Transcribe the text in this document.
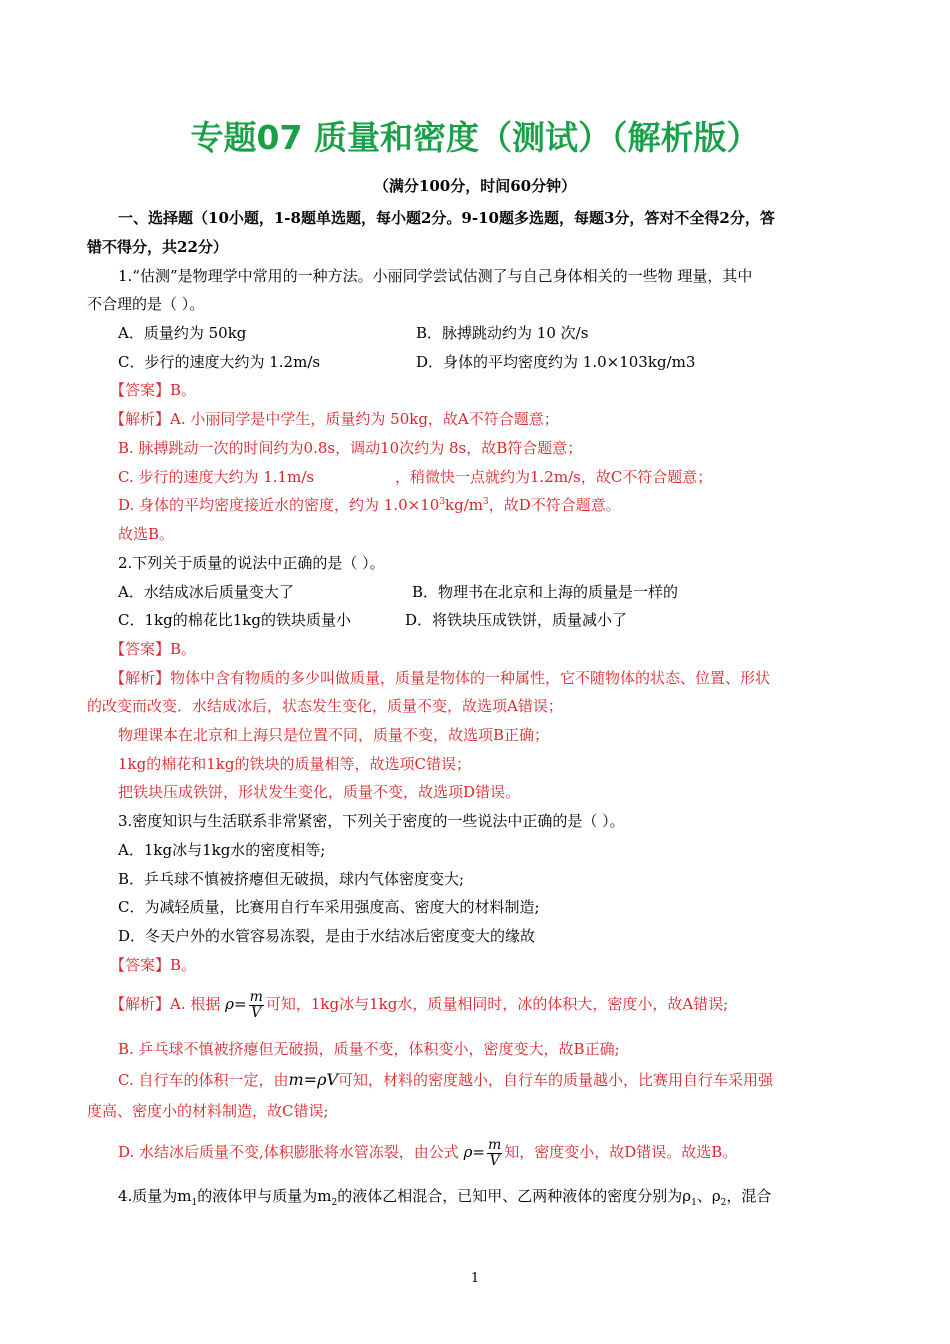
专题07 质量和密度（测试）（解析版）
（满分100分，时间60分钟）
一、选择题（10小题，1-8题单选题，每小题2分。9-10题多选题，每题3分，答对不全得2分，答
错不得分，共22分）
1.“估测”是物理学中常用的一种方法。小丽同学尝试估测了与自己身体相关的一些物 理量，其中
不合理的是（ ）。
A．质量约为 50kg	B．脉搏跳动约为 10 次/s
C．步行的速度大约为 1.2m/s	D．身体的平均密度约为 1.0×103kg/m3
【答案】B。
【解析】A. 小丽同学是中学生，质量约为 50kg，故A不符合题意；
B. 脉搏跳动一次的时间约为0.8s，调动10次约为 8s，故B符合题意；
C. 步行的速度大约为 1.1m/s	，稍微快一点就约为1.2m/s，故C不符合题意；
D. 身体的平均密度接近水的密度，约为 $1.0\times 10^3kg/m^3$，故D不符合题意。
故选B。
2.下列关于质量的说法中正确的是（ ）。
A．水结成冰后质量变大了	B．物理书在北京和上海的质量是一样的
C．1kg的棉花比1kg的铁块质量小	D．将铁块压成铁饼，质量减小了
【答案】B。
【解析】物体中含有物质的多少叫做质量，质量是物体的一种属性，它不随物体的状态、位置、形状
的改变而改变．水结成冰后，状态发生变化，质量不变，故选项A错误；
物理课本在北京和上海只是位置不同，质量不变，故选项B正确；
1kg的棉花和1kg的铁块的质量相等，故选项C错误；
把铁块压成铁饼，形状发生变化，质量不变，故选项D错误。
3.密度知识与生活联系非常紧密，下列关于密度的一些说法中正确的是（ ）。
A．1kg冰与1kg水的密度相等;
B．乒乓球不慎被挤瘪但无破损，球内气体密度变大;
C．为减轻质量，比赛用自行车采用强度高、密度大的材料制造;
D．冬天户外的水管容易冻裂，是由于水结冰后密度变大的缘故
【答案】B。
【解析】A. 根据 $\rho= \frac{m}{V}$ 可知，1kg冰与1kg水，质量相同时，冰的体积大，密度小，故A错误;
B. 乒乓球不慎被挤瘪但无破损，质量不变，体积变小，密度变大，故B正确;
C. 自行车的体积一定，由m=ρV可知，材料的密度越小，自行车的质量越小，比赛用自行车采用强
度高、密度小的材料制造，故C错误;
D. 水结冰后质量不变,体积膨胀将水管冻裂，由公式 $\rho= \frac{m}{V}$ 知，密度变小，故D错误。故选B。
4.质量为$m_1$的液体甲与质量为$m_2$的液体乙相混合，已知甲、乙两种液体的密度分别为$\rho_1$、$\rho_2$，混合
1
